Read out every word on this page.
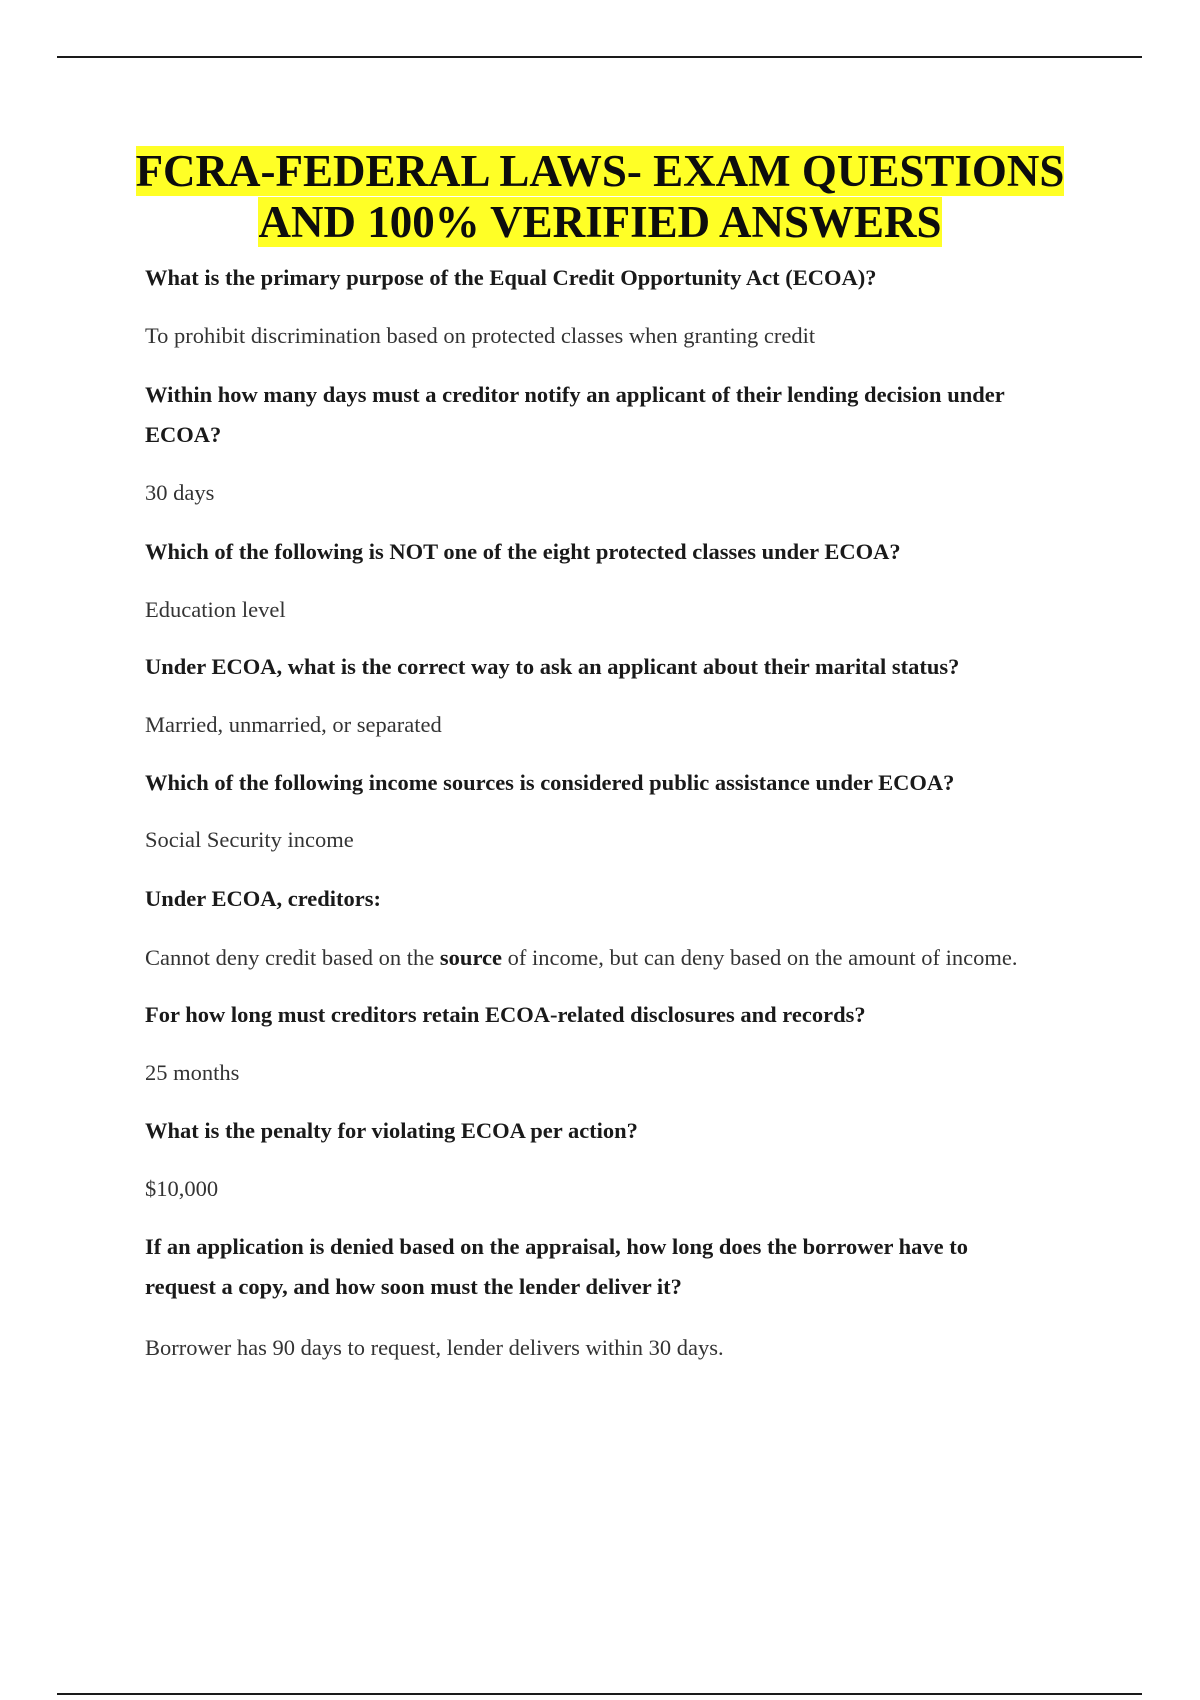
FCRA-FEDERAL LAWS- EXAM QUESTIONS
AND 100% VERIFIED ANSWERS

What is the primary purpose of the Equal Credit Opportunity Act (ECOA)?

To prohibit discrimination based on protected classes when granting credit

Within how many days must a creditor notify an applicant of their lending decision under
ECOA?

30 days

Which of the following is NOT one of the eight protected classes under ECOA?

Education level

Under ECOA, what is the correct way to ask an applicant about their marital status?

Married, unmarried, or separated

Which of the following income sources is considered public assistance under ECOA?

Social Security income

Under ECOA, creditors:

Cannot deny credit based on the source of income, but can deny based on the amount of income.

For how long must creditors retain ECOA-related disclosures and records?

25 months

What is the penalty for violating ECOA per action?

$10,000

If an application is denied based on the appraisal, how long does the borrower have to
request a copy, and how soon must the lender deliver it?

Borrower has 90 days to request, lender delivers within 30 days.
